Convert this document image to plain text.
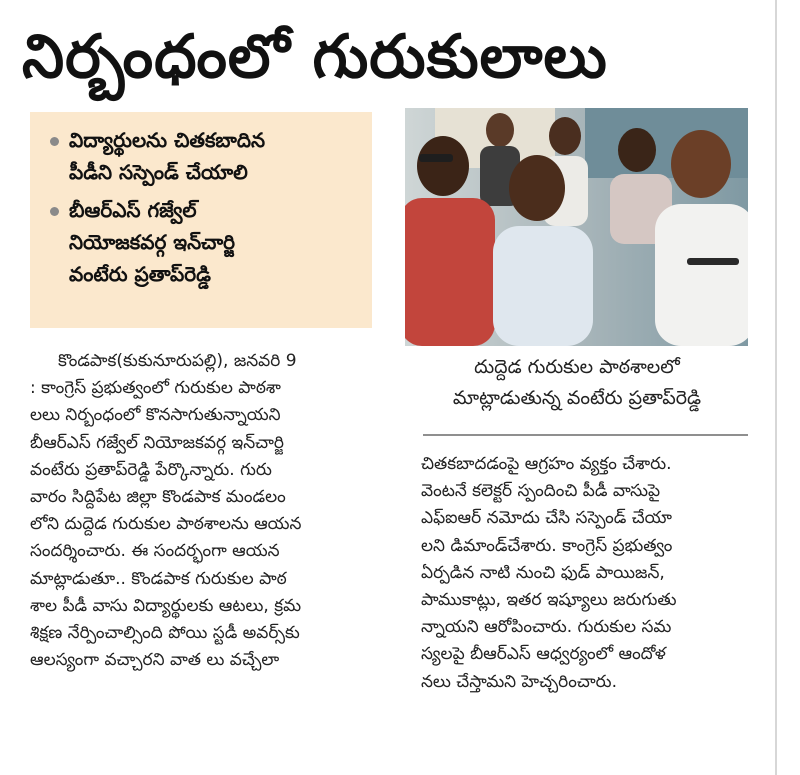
నిర్బంధంలో గురుకులాలు
విద్యార్థులను చితకబాదిన
పీడీని సస్పెండ్ చేయాలి
బీఆర్ఎస్ గజ్వేల్
నియోజకవర్గ ఇన్‌చార్జి
వంటేరు ప్రతాప్‌రెడ్డి
దుద్దెడ గురుకుల పాఠశాలలో
మాట్లాడుతున్న వంటేరు ప్రతాప్‌రెడ్డి
కొండపాక(కుకునూరుపల్లి), జనవరి 9
: కాంగ్రెస్ ప్రభుత్వంలో గురుకుల పాఠశా
లలు నిర్బంధంలో కొనసాగుతున్నాయని
బీఆర్ఎస్ గజ్వేల్ నియోజకవర్గ ఇన్‌చార్జి
వంటేరు ప్రతాప్‌రెడ్డి పేర్కొన్నారు. గురు
వారం సిద్దిపేట జిల్లా కొండపాక మండలం
లోని దుద్దెడ గురుకుల పాఠశాలను ఆయన
సందర్శించారు. ఈ సందర్భంగా ఆయన
మాట్లాడుతూ.. కొండపాక గురుకుల పాఠ
శాల పీడీ వాసు విద్యార్థులకు ఆటలు, క్రమ
శిక్షణ నేర్పించాల్సింది పోయి స్టడీ అవర్స్‌కు
ఆలస్యంగా వచ్చారని వాత లు వచ్చేలా
చితకబాదడంపై ఆగ్రహం వ్యక్తం చేశారు.
వెంటనే కలెక్టర్ స్పందించి పీడీ వాసుపై
ఎఫ్ఐఆర్ నమోదు చేసి సస్పెండ్ చేయా
లని డిమాండ్‌చేశారు. కాంగ్రెస్ ప్రభుత్వం
ఏర్పడిన నాటి నుంచి ఫుడ్ పాయిజన్,
పాముకాట్లు, ఇతర ఇష్యూలు జరుగుతు
న్నాయని ఆరోపించారు. గురుకుల సమ
స్యలపై బీఆర్ఎస్ ఆధ్వర్యంలో ఆందోళ
నలు చేస్తామని హెచ్చరించారు.
